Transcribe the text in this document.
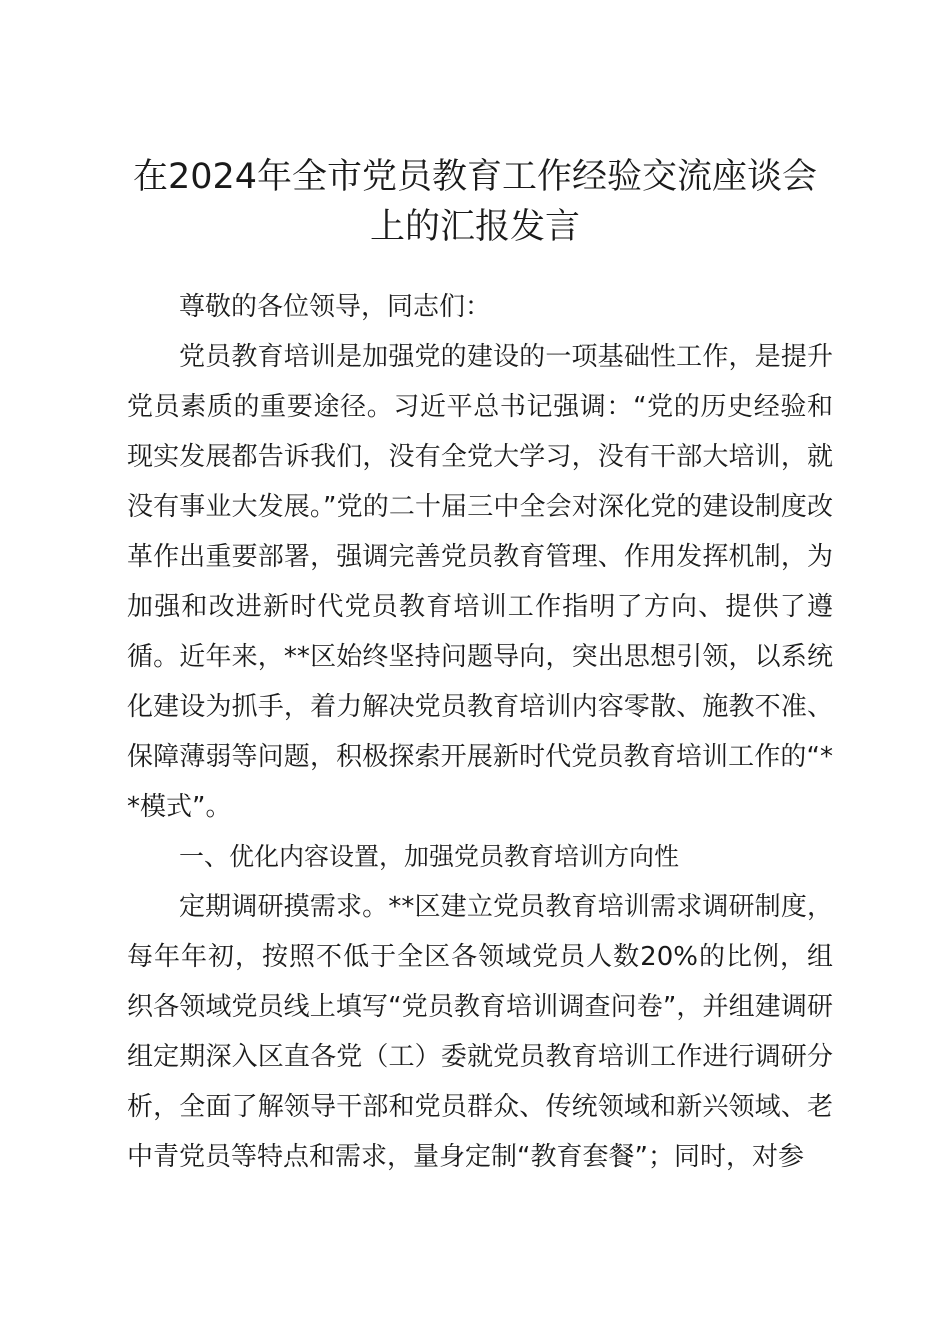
在2024年全市党员教育工作经验交流座谈会
上的汇报发言

尊敬的各位领导，同志们：

党员教育培训是加强党的建设的一项基础性工作，是提升党员素质的重要途径。习近平总书记强调：“党的历史经验和现实发展都告诉我们，没有全党大学习，没有干部大培训，就没有事业大发展。”党的二十届三中全会对深化党的建设制度改革作出重要部署，强调完善党员教育管理、作用发挥机制，为加强和改进新时代党员教育培训工作指明了方向、提供了遵循。近年来，**区始终坚持问题导向，突出思想引领，以系统化建设为抓手，着力解决党员教育培训内容零散、施教不准、保障薄弱等问题，积极探索开展新时代党员教育培训工作的“**模式”。

一、优化内容设置，加强党员教育培训方向性

定期调研摸需求。**区建立党员教育培训需求调研制度，每年年初，按照不低于全区各领域党员人数20%的比例，组织各领域党员线上填写“党员教育培训调查问卷”，并组建调研组定期深入区直各党（工）委就党员教育培训工作进行调研分析，全面了解领导干部和党员群众、传统领域和新兴领域、老中青党员等特点和需求，量身定制“教育套餐”；同时，对参
